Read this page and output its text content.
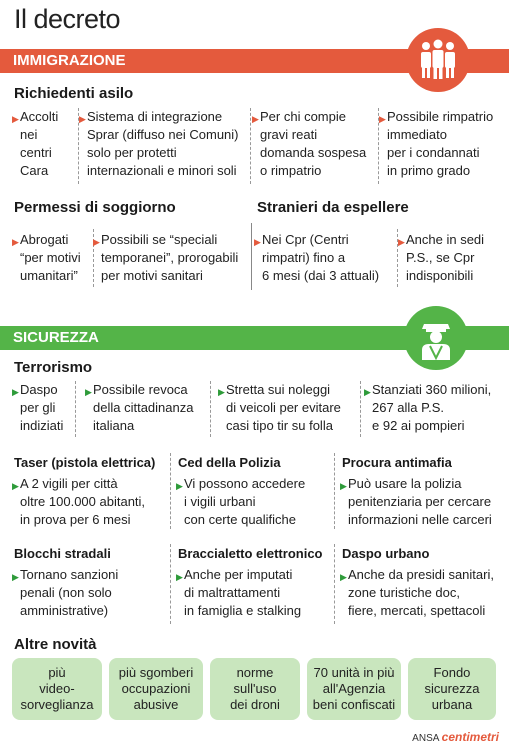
Il decreto
IMMIGRAZIONE
Richiedenti asilo
▶ Accolti
nei
centri
Cara
▶ Sistema di integrazione
Sprar (diffuso nei Comuni)
solo per protetti
internazionali e minori soli
▶ Per chi compie
gravi reati
domanda sospesa
o rimpatrio
▶ Possibile rimpatrio
immediato
per i condannati
in primo grado
Permessi di soggiorno
▶ Abrogati
“per motivi
umanitari”
▶ Possibili se “speciali
temporanei”, prorogabili
per motivi sanitari
Stranieri da espellere
▶ Nei Cpr (Centri
rimpatri) fino a
6 mesi (dai 3 attuali)
▶ Anche in sedi
P.S., se Cpr
indisponibili
SICUREZZA
Terrorismo
▶ Daspo
per gli
indiziati
▶ Possibile revoca
della cittadinanza
italiana
▶ Stretta sui noleggi
di veicoli per evitare
casi tipo tir su folla
▶ Stanziati 360 milioni,
267 alla P.S.
e 92 ai pompieri
Taser (pistola elettrica)
▶ A 2 vigili per città
oltre 100.000 abitanti,
in prova per 6 mesi
Ced della Polizia
▶ Vi possono accedere
i vigili urbani
con certe qualifiche
Procura antimafia
▶ Può usare la polizia
penitenziaria per cercare
informazioni nelle carceri
Blocchi stradali
▶ Tornano sanzioni
penali (non solo
amministrative)
Braccialetto elettronico
▶ Anche per imputati
di maltrattamenti
in famiglia e stalking
Daspo urbano
▶ Anche da presidi sanitari,
zone turistiche doc,
fiere, mercati, spettacoli
Altre novità
più
video-
sorveglianza
più sgomberi
occupazioni
abusive
norme
sull'uso
dei droni
70 unità in più
all'Agenzia
beni confiscati
Fondo
sicurezza
urbana
ANSA centimetri
